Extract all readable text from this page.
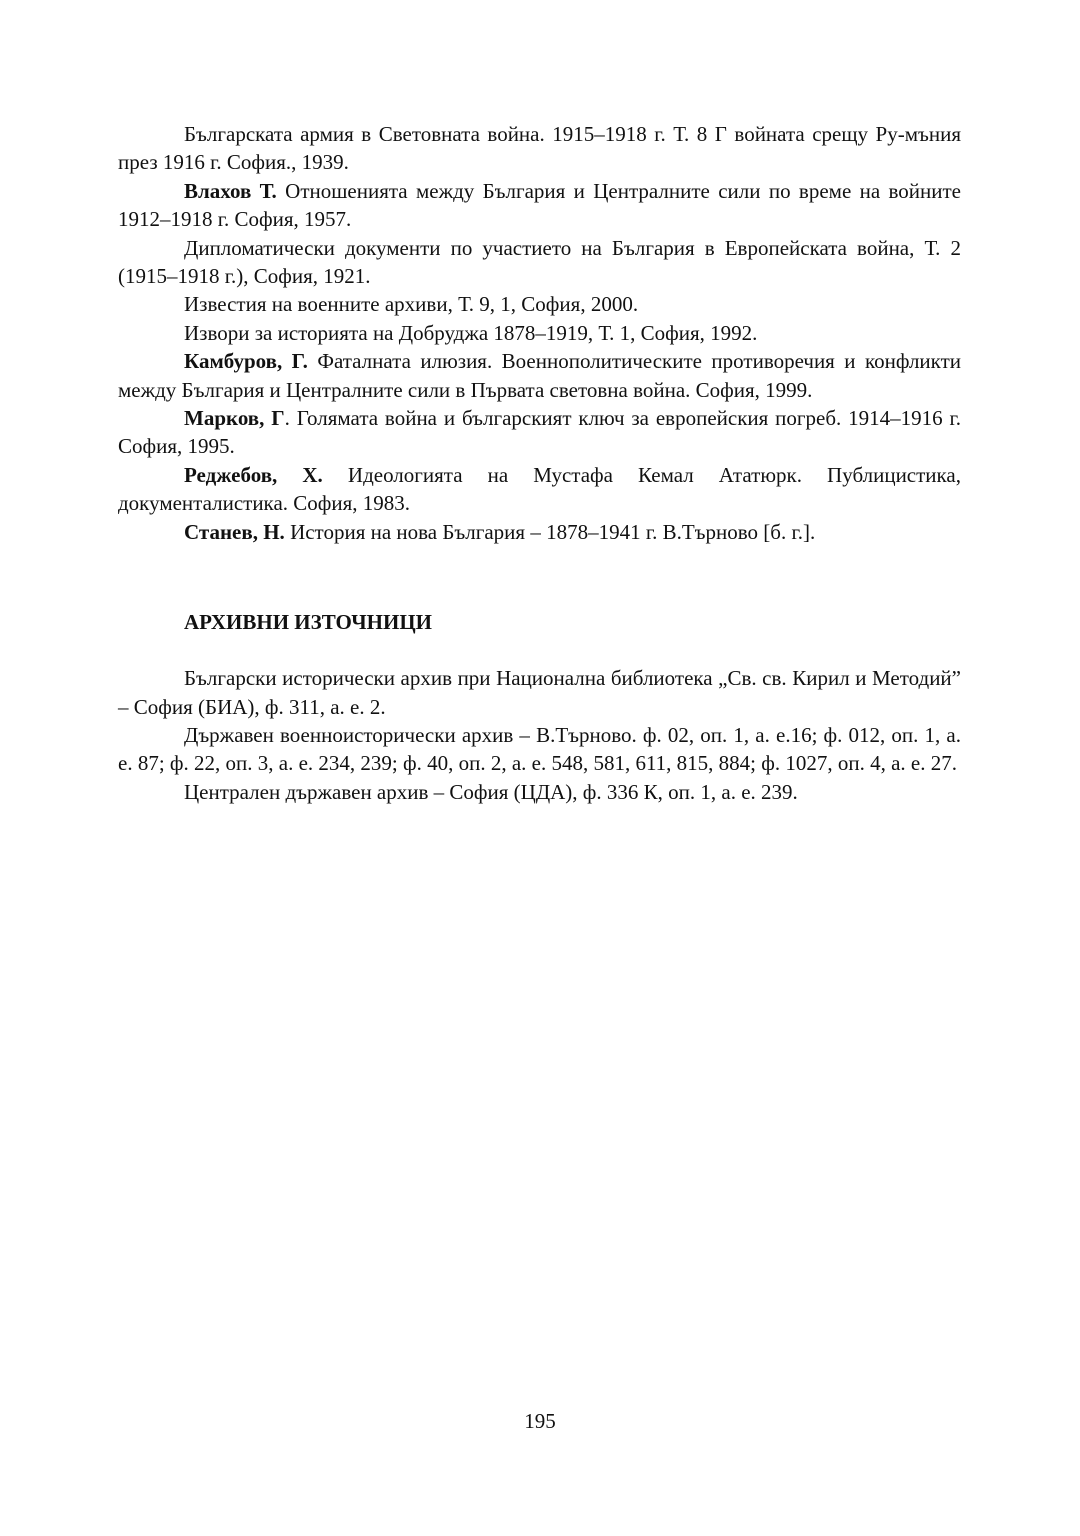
Българската армия в Световната война. 1915–1918 г. Т. 8 Г войната срещу Ру-мъния през 1916 г. София., 1939.

Влахов Т. Отношенията между България и Централните сили по време на войните 1912–1918 г. София, 1957.

Дипломатически документи по участието на България в Европейската война, Т. 2 (1915–1918 г.), София, 1921.

Известия на военните архиви, Т. 9, 1, София, 2000.

Извори за историята на Добруджа 1878–1919, Т. 1, София, 1992.

Камбуров, Г. Фаталната илюзия. Военнополитическите противоречия и конфликти между България и Централните сили в Първата световна война. София, 1999.

Марков, Г. Голямата война и българският ключ за европейския погреб. 1914–1916 г. София, 1995.

Реджебов, Х. Идеологията на Мустафа Кемал Ататюрк. Публицистика, документалистика. София, 1983.

Станев, Н. История на нова България – 1878–1941 г. В.Търново [б. г.].

АРХИВНИ ИЗТОЧНИЦИ

Български исторически архив при Национална библиотека „Св. св. Кирил и Методий” – София (БИА), ф. 311, а. е. 2.

Държавен военноисторически архив – В.Търново. ф. 02, оп. 1, а. е.16; ф. 012, оп. 1, а. е. 87; ф. 22, оп. 3, а. е. 234, 239; ф. 40, оп. 2, а. е. 548, 581, 611, 815, 884; ф. 1027, оп. 4, а. е. 27.

Централен държавен архив – София (ЦДА), ф. 336 К, оп. 1, а. е. 239.

195
